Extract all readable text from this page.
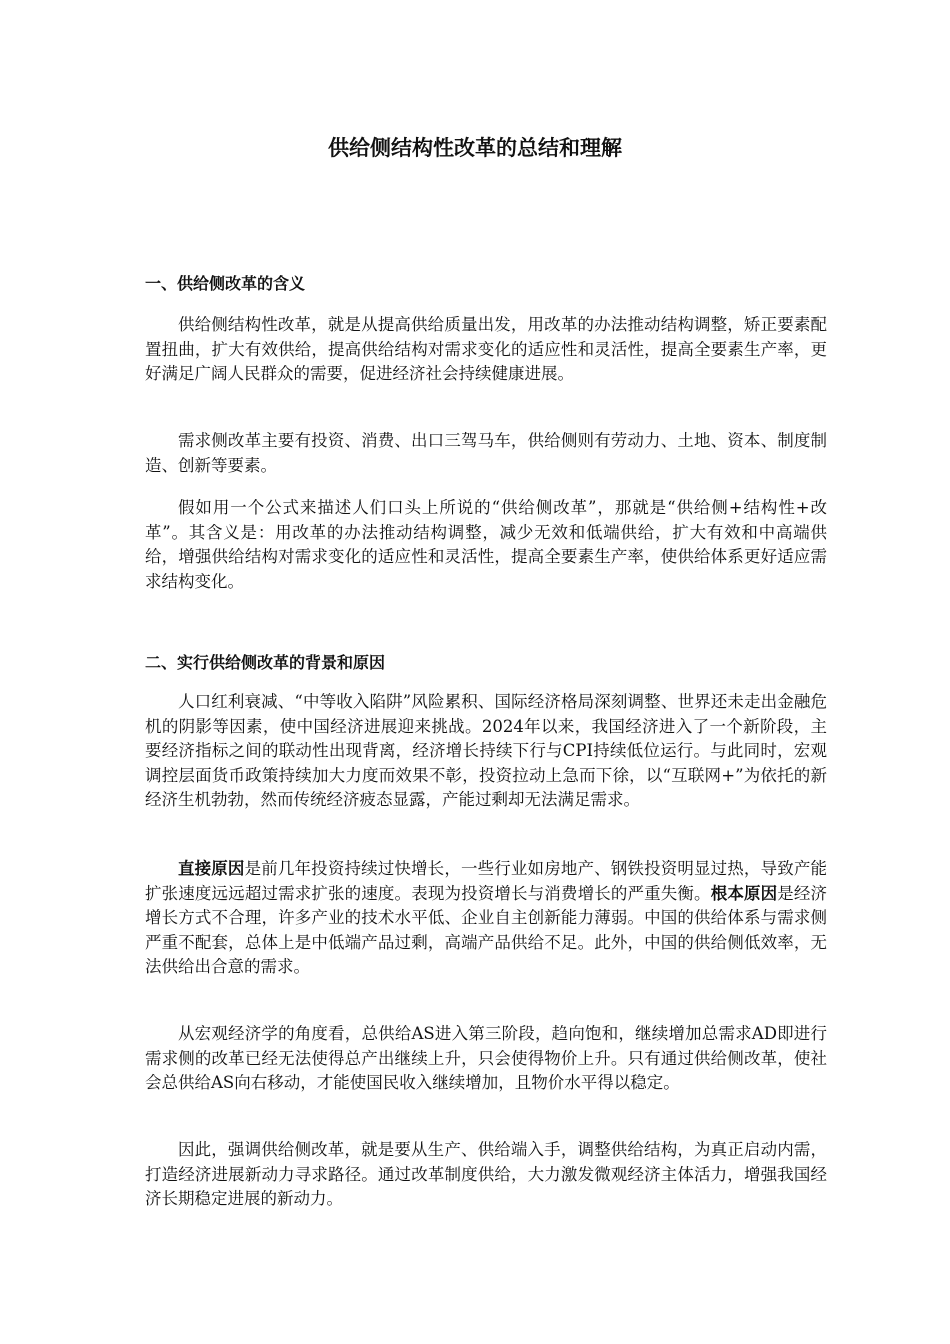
供给侧结构性改革的总结和理解
一、供给侧改革的含义

供给侧结构性改革，就是从提高供给质量出发，用改革的办法推动结构调整，矫正要素配置扭曲，扩大有效供给，提高供给结构对需求变化的适应性和灵活性，提高全要素生产率，更好满足广阔人民群众的需要，促进经济社会持续健康进展。

需求侧改革主要有投资、消费、出口三驾马车，供给侧则有劳动力、土地、资本、制度制造、创新等要素。

假如用一个公式来描述人们口头上所说的“供给侧改革”，那就是“供给侧+结构性+改革”。其含义是：用改革的办法推动结构调整，减少无效和低端供给，扩大有效和中高端供给，增强供给结构对需求变化的适应性和灵活性，提高全要素生产率，使供给体系更好适应需求结构变化。

二、实行供给侧改革的背景和原因

人口红利衰减、“中等收入陷阱”风险累积、国际经济格局深刻调整、世界还未走出金融危机的阴影等因素，使中国经济进展迎来挑战。2024年以来，我国经济进入了一个新阶段，主要经济指标之间的联动性出现背离，经济增长持续下行与CPI持续低位运行。与此同时，宏观调控层面货币政策持续加大力度而效果不彰，投资拉动上急而下徐，以“互联网+”为依托的新经济生机勃勃，然而传统经济疲态显露，产能过剩却无法满足需求。

直接原因是前几年投资持续过快增长，一些行业如房地产、钢铁投资明显过热，导致产能扩张速度远远超过需求扩张的速度。表现为投资增长与消费增长的严重失衡。根本原因是经济增长方式不合理，许多产业的技术水平低、企业自主创新能力薄弱。中国的供给体系与需求侧严重不配套，总体上是中低端产品过剩，高端产品供给不足。此外，中国的供给侧低效率，无法供给出合意的需求。

从宏观经济学的角度看，总供给AS进入第三阶段，趋向饱和，继续增加总需求AD即进行需求侧的改革已经无法使得总产出继续上升，只会使得物价上升。只有通过供给侧改革，使社会总供给AS向右移动，才能使国民收入继续增加，且物价水平得以稳定。

因此，强调供给侧改革，就是要从生产、供给端入手，调整供给结构，为真正启动内需，打造经济进展新动力寻求路径。通过改革制度供给，大力激发微观经济主体活力，增强我国经济长期稳定进展的新动力。
